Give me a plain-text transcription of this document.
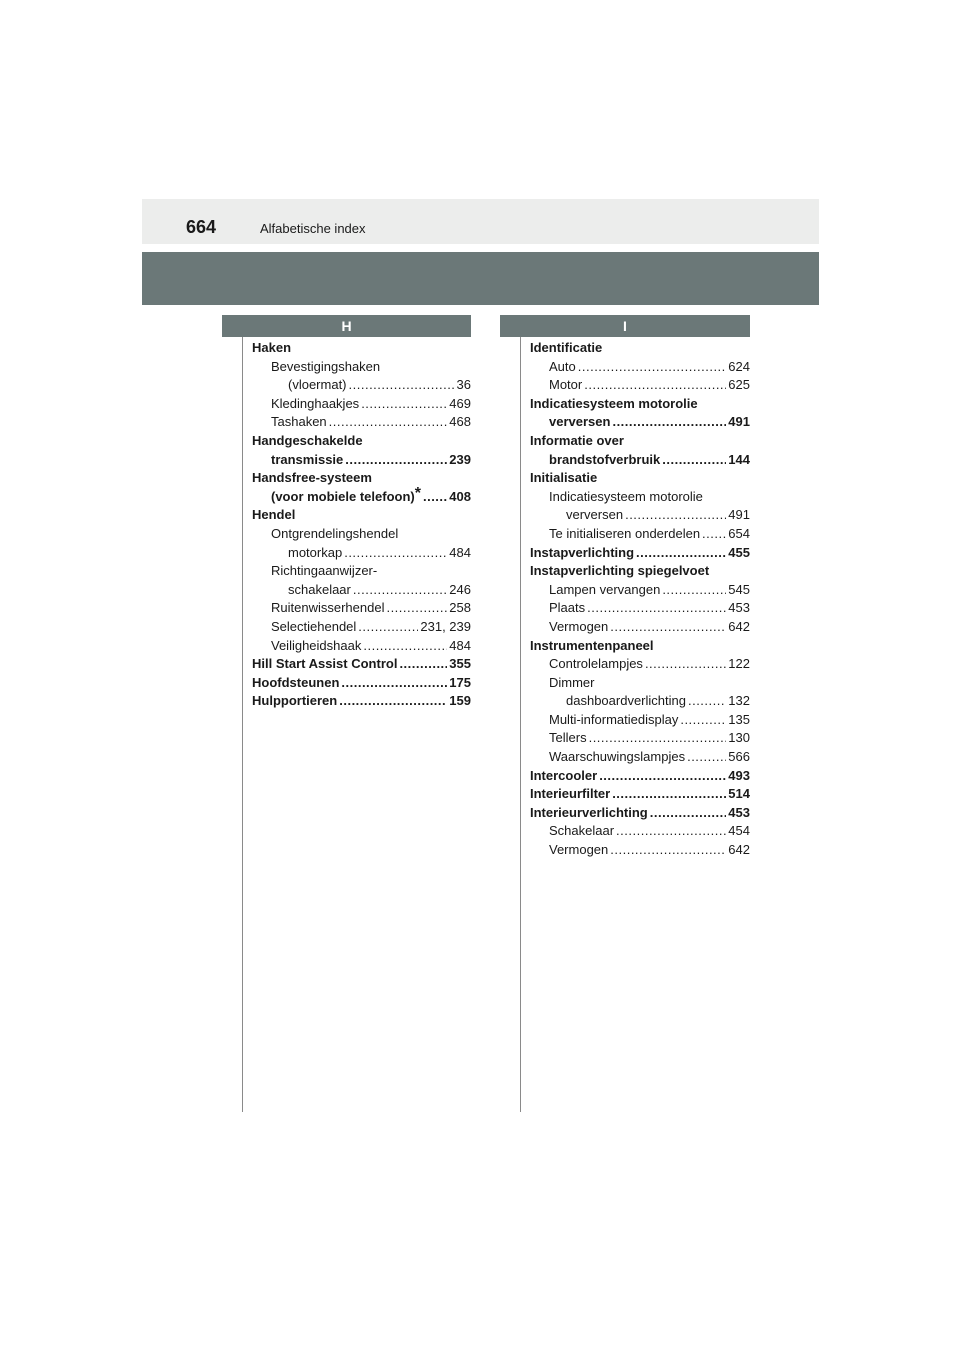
664	Alfabetische index
H	I
Haken
Bevestigingshaken
(vloermat) .....	36
Kledinghaakjes .....	469
Tashaken .....	468
Handgeschakelde
transmissie .....	239
Handsfree-systeem
(voor mobiele telefoon)* ..... 408
Hendel
Ontgrendelingshendel
motorkap .....	484
Richtingaanwijzer-
schakelaar .....	246
Ruitenwisserhendel .....	258
Selectiehendel .....	231, 239
Veiligheidshaak .....	484
Hill Start Assist Control .....	355
Hoofdsteunen .....	175
Hulpportieren .....	159
Identificatie
Auto .....	624
Motor .....	625
Indicatiesysteem motorolie
verversen .....	491
Informatie over
brandstofverbruik .....	144
Initialisatie
Indicatiesysteem motorolie
verversen .....	491
Te initialiseren onderdelen ..... 654
Instapverlichting .....	455
Instapverlichting spiegelvoet
Lampen vervangen .....	545
Plaats .....	453
Vermogen .....	642
Instrumentenpaneel
Controlelampjes .....	122
Dimmer
dashboardverlichting .....	132
Multi-informatiedisplay .....	135
Tellers .....	130
Waarschuwingslampjes .....	566
Intercooler .....	493
Interieurfilter .....	514
Interieurverlichting .....	453
Schakelaar .....	454
Vermogen .....	642
